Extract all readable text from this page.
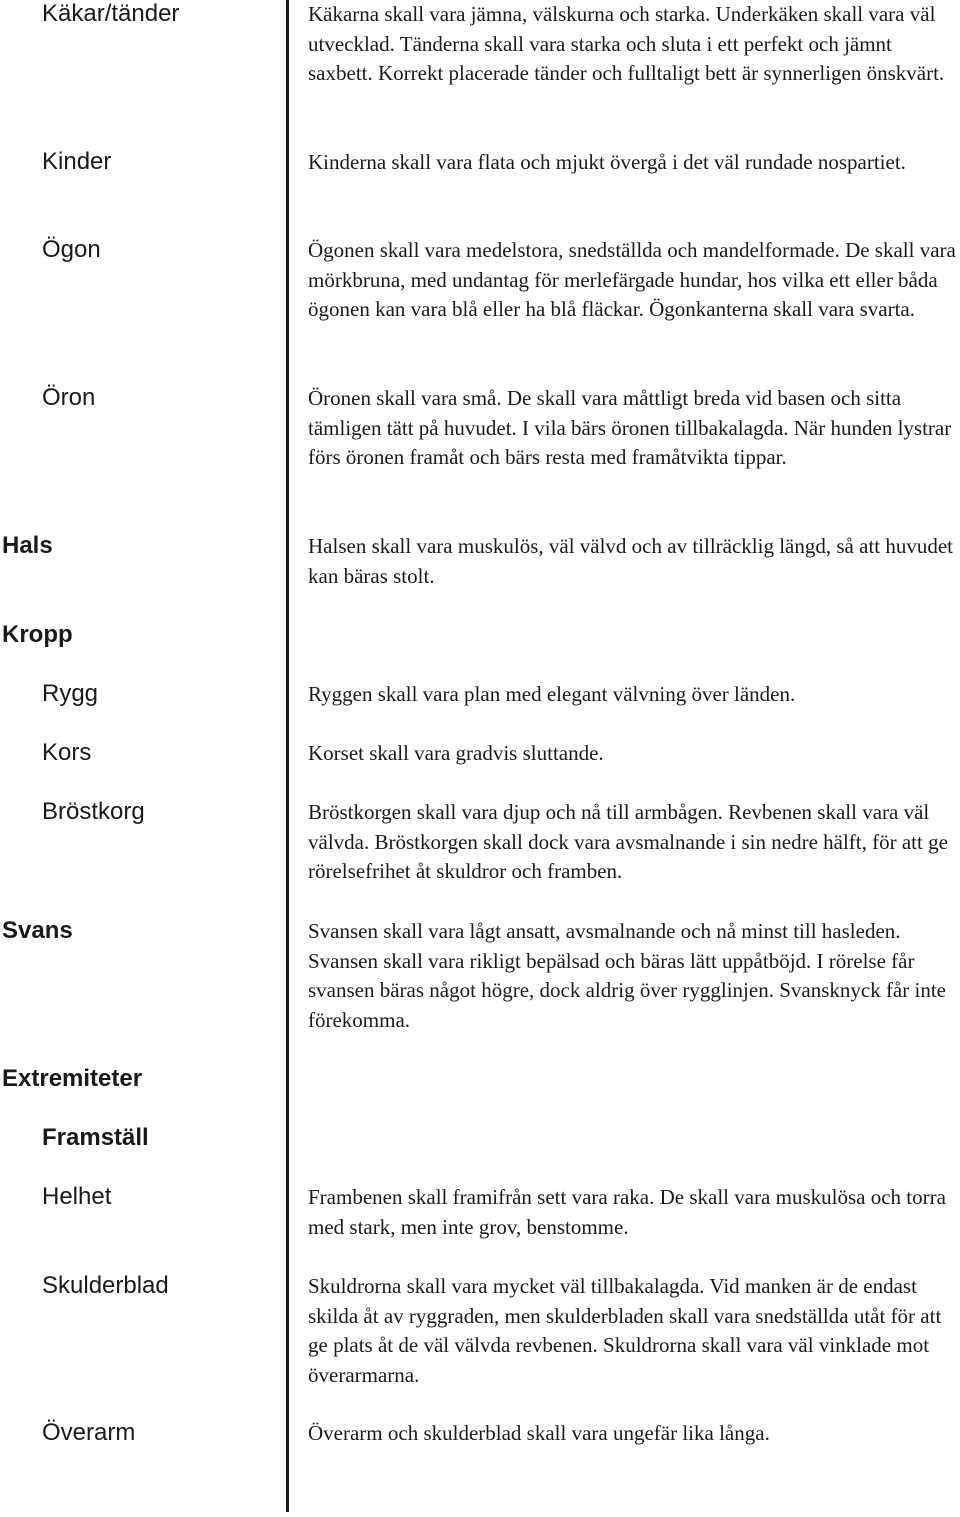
Käkar/tänder
Kinder
Ögon
Öron
Hals
Kropp
Rygg
Kors
Bröstkorg
Svans
Extremiteter
Framställ
Helhet
Skulderblad
Överarm
Käkarna skall vara jämna, välskurna och starka. Underkäken skall vara väl utvecklad. Tänderna skall vara starka och sluta i ett perfekt och jämnt saxbett. Korrekt placerade tänder och fulltaligt bett är synnerligen önskvärt.
Kinderna skall vara flata och mjukt övergå i det väl rundade nospartiet.
Ögonen skall vara medelstora, snedställda och mandelformade. De skall vara mörkbruna, med undantag för merlefärgade hundar, hos vilka ett eller båda ögonen kan vara blå eller ha blå fläckar. Ögonkanterna skall vara svarta.
Öronen skall vara små. De skall vara måttligt breda vid basen och sitta tämligen tätt på huvudet. I vila bärs öronen tillbakalagda. När hunden lystrar förs öronen framåt och bärs resta med framåtvikta tippar.
Halsen skall vara muskulös, väl välvd och av tillräcklig längd, så att huvudet kan bäras stolt.
Ryggen skall vara plan med elegant välvning över länden.
Korset skall vara gradvis sluttande.
Bröstkorgen skall vara djup och nå till armbågen. Revbenen skall vara väl välvda. Bröstkorgen skall dock vara avsmalnande i sin nedre hälft, för att ge rörelsefrihet åt skuldror och framben.
Svansen skall vara lågt ansatt, avsmalnande och nå minst till hasleden. Svansen skall vara rikligt bepälsad och bäras lätt uppåtböjd. I rörelse får svansen bäras något högre, dock aldrig över rygglinjen. Svansknyck får inte förekomma.
Frambenen skall framifrån sett vara raka. De skall vara muskulösa och torra med stark, men inte grov, benstomme.
Skuldrorna skall vara mycket väl tillbakalagda. Vid manken är de endast skilda åt av ryggraden, men skulderbladen skall vara snedställda utåt för att ge plats åt de väl välvda revbenen. Skuldrorna skall vara väl vinklade mot överarmarna.
Överarm och skulderblad skall vara ungefär lika långa.
